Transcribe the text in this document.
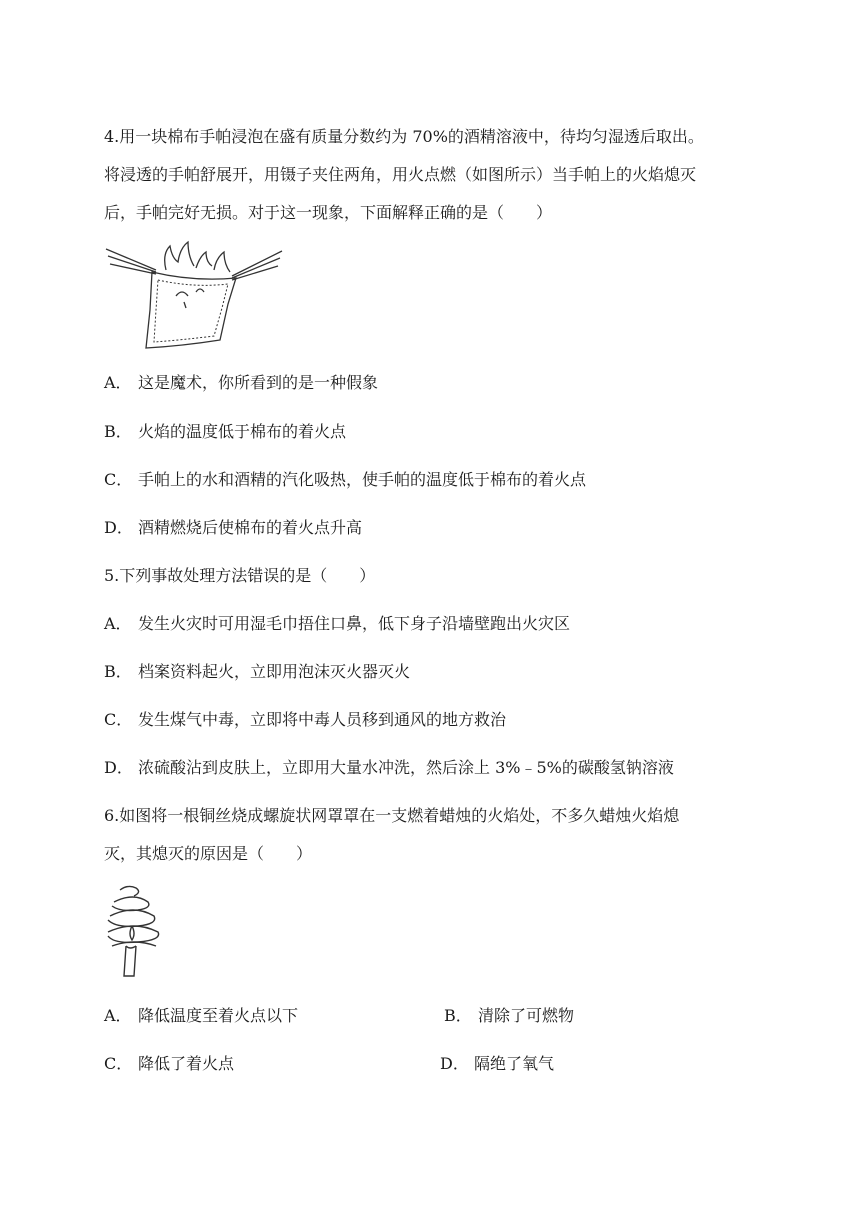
4.用一块棉布手帕浸泡在盛有质量分数约为 70%的酒精溶液中，待均匀湿透后取出。
将浸透的手帕舒展开，用镊子夹住两角，用火点燃（如图所示）当手帕上的火焰熄灭
后，手帕完好无损。对于这一现象，下面解释正确的是（　　）
A． 这是魔术，你所看到的是一种假象
B． 火焰的温度低于棉布的着火点
C． 手帕上的水和酒精的汽化吸热，使手帕的温度低于棉布的着火点
D． 酒精燃烧后使棉布的着火点升高
5.下列事故处理方法错误的是（　　）
A． 发生火灾时可用湿毛巾捂住口鼻，低下身子沿墙壁跑出火灾区
B． 档案资料起火，立即用泡沫灭火器灭火
C． 发生煤气中毒，立即将中毒人员移到通风的地方救治
D． 浓硫酸沾到皮肤上，立即用大量水冲洗，然后涂上 3%﹣5%的碳酸氢钠溶液
6.如图将一根铜丝烧成螺旋状网罩罩在一支燃着蜡烛的火焰处，不多久蜡烛火焰熄
灭，其熄灭的原因是（　　）
A． 降低温度至着火点以下	B． 清除了可燃物
C． 降低了着火点	D． 隔绝了氧气
